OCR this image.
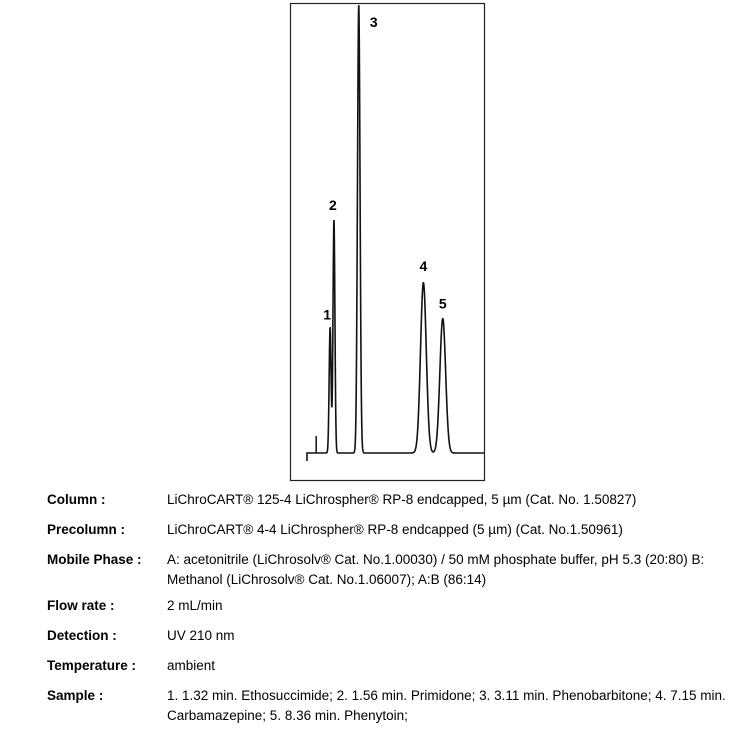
1
2
3
4
5
Column :	LiChroCART® 125-4 LiChrospher® RP-8 endcapped, 5 µm (Cat. No. 1.50827)
Precolumn :	LiChroCART® 4-4 LiChrospher® RP-8 endcapped (5 µm) (Cat. No.1.50961)
Mobile Phase : A: acetonitrile (LiChrosolv® Cat. No.1.00030) / 50 mM phosphate buffer, pH 5.3 (20:80) B: Methanol (LiChrosolv® Cat. No.1.06007); A:B (86:14)
Flow rate :	2 mL/min
Detection :	UV 210 nm
Temperature : ambient
Sample :	1. 1.32 min. Ethosuccimide; 2. 1.56 min. Primidone; 3. 3.11 min. Phenobarbitone; 4. 7.15 min. Carbamazepine; 5. 8.36 min. Phenytoin;
